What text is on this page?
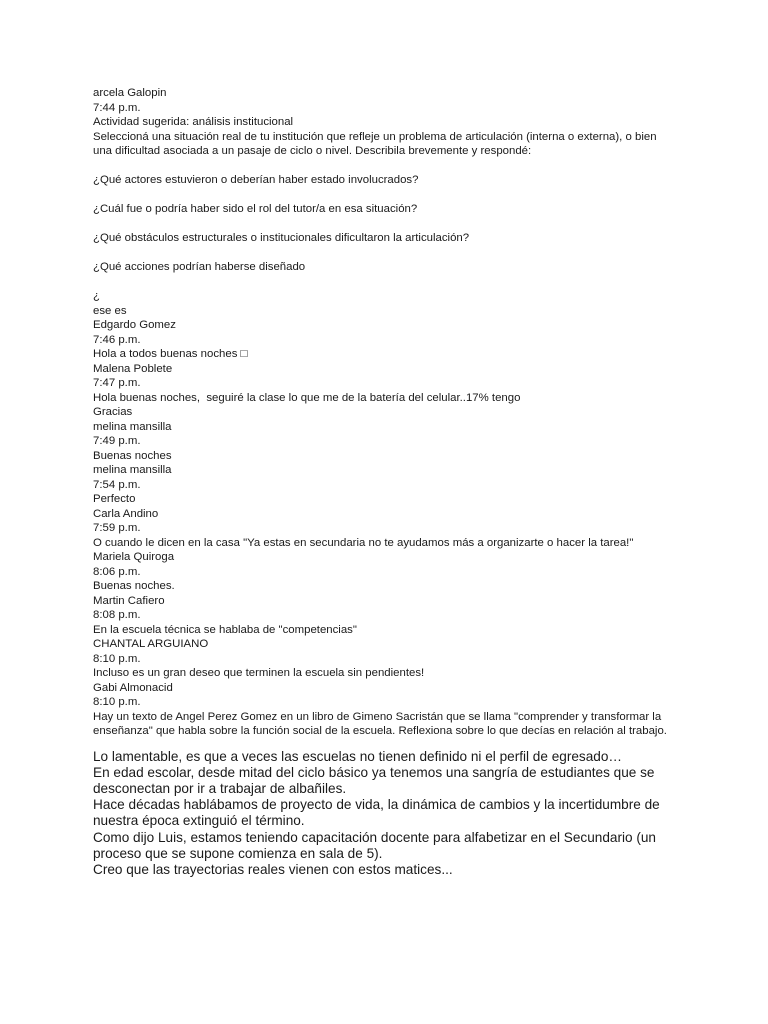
arcela Galopin
7:44 p.m.
Actividad sugerida: análisis institucional
Seleccioná una situación real de tu institución que refleje un problema de articulación (interna o externa), o bien una dificultad asociada a un pasaje de ciclo o nivel. Describila brevemente y respondé:
¿Qué actores estuvieron o deberían haber estado involucrados?
¿Cuál fue o podría haber sido el rol del tutor/a en esa situación?
¿Qué obstáculos estructurales o institucionales dificultaron la articulación?
¿Qué acciones podrían haberse diseñado
¿
ese es
Edgardo Gomez
7:46 p.m.
Hola a todos buenas noches □
Malena Poblete
7:47 p.m.
Hola buenas noches,  seguiré la clase lo que me de la batería del celular..17% tengo
Gracias
melina mansilla
7:49 p.m.
Buenas noches
melina mansilla
7:54 p.m.
Perfecto
Carla Andino
7:59 p.m.
O cuando le dicen en la casa "Ya estas en secundaria no te ayudamos más a organizarte o hacer la tarea!"
Mariela Quiroga
8:06 p.m.
Buenas noches.
Martin Cafiero
8:08 p.m.
En la escuela técnica se hablaba de "competencias"
CHANTAL ARGUIANO
8:10 p.m.
Incluso es un gran deseo que terminen la escuela sin pendientes!
Gabi Almonacid
8:10 p.m.
Hay un texto de Angel Perez Gomez en un libro de Gimeno Sacristán que se llama "comprender y transformar la enseñanza" que habla sobre la función social de la escuela. Reflexiona sobre lo que decías en relación al trabajo.
Lo lamentable, es que a veces las escuelas no tienen definido ni el perfil de egresado…
En edad escolar, desde mitad del ciclo básico ya tenemos una sangría de estudiantes que se desconectan por ir a trabajar de albañiles.
Hace décadas hablábamos de proyecto de vida, la dinámica de cambios y la incertidumbre de nuestra época extinguió el término.
Como dijo Luis, estamos teniendo capacitación docente para alfabetizar en el Secundario (un proceso que se supone comienza en sala de 5).
Creo que las trayectorias reales vienen con estos matices...
